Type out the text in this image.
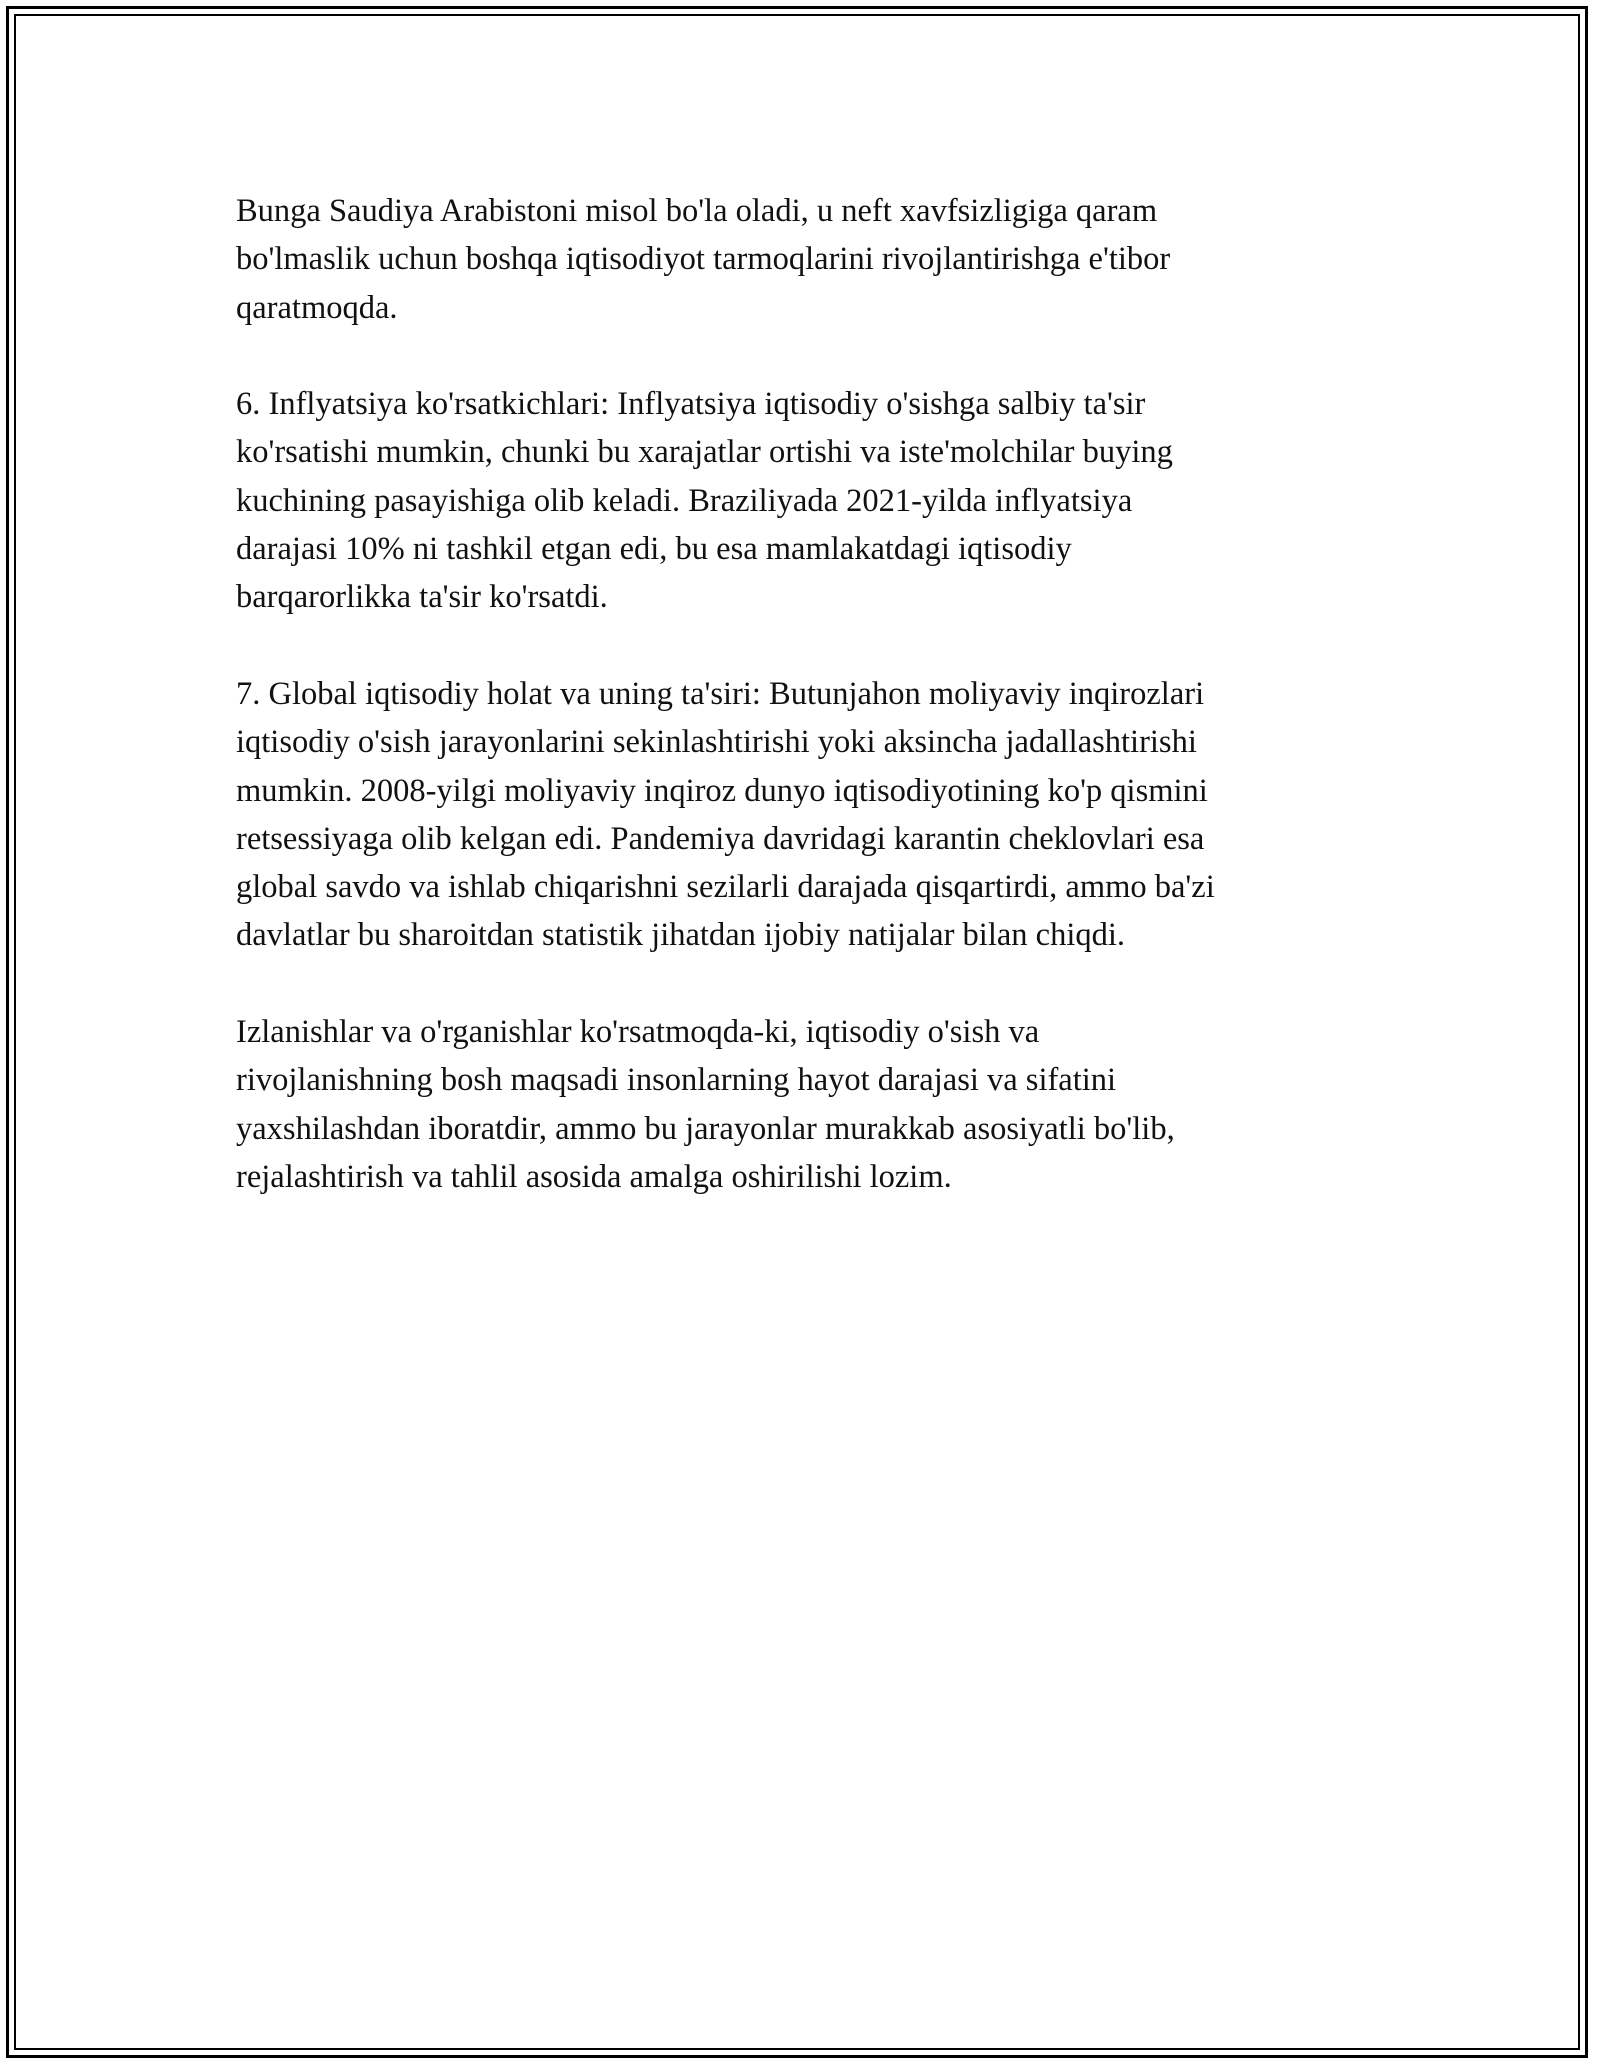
Bunga Saudiya Arabistoni misol bo'la oladi, u neft xavfsizligiga qaram
bo'lmaslik uchun boshqa iqtisodiyot tarmoqlarini rivojlantirishga e'tibor
qaratmoqda.

6. Inflyatsiya ko'rsatkichlari: Inflyatsiya iqtisodiy o'sishga salbiy ta'sir
ko'rsatishi mumkin, chunki bu xarajatlar ortishi va iste'molchilar buying
kuchining pasayishiga olib keladi. Braziliyada 2021-yilda inflyatsiya
darajasi 10% ni tashkil etgan edi, bu esa mamlakatdagi iqtisodiy
barqarorlikka ta'sir ko'rsatdi.

7. Global iqtisodiy holat va uning ta'siri: Butunjahon moliyaviy inqirozlari
iqtisodiy o'sish jarayonlarini sekinlashtirishi yoki aksincha jadallashtirishi
mumkin. 2008-yilgi moliyaviy inqiroz dunyo iqtisodiyotining ko'p qismini
retsessiyaga olib kelgan edi. Pandemiya davridagi karantin cheklovlari esa
global savdo va ishlab chiqarishni sezilarli darajada qisqartirdi, ammo ba'zi
davlatlar bu sharoitdan statistik jihatdan ijobiy natijalar bilan chiqdi.

Izlanishlar va o'rganishlar ko'rsatmoqda-ki, iqtisodiy o'sish va
rivojlanishning bosh maqsadi insonlarning hayot darajasi va sifatini
yaxshilashdan iboratdir, ammo bu jarayonlar murakkab asosiyatli bo'lib,
rejalashtirish va tahlil asosida amalga oshirilishi lozim.
